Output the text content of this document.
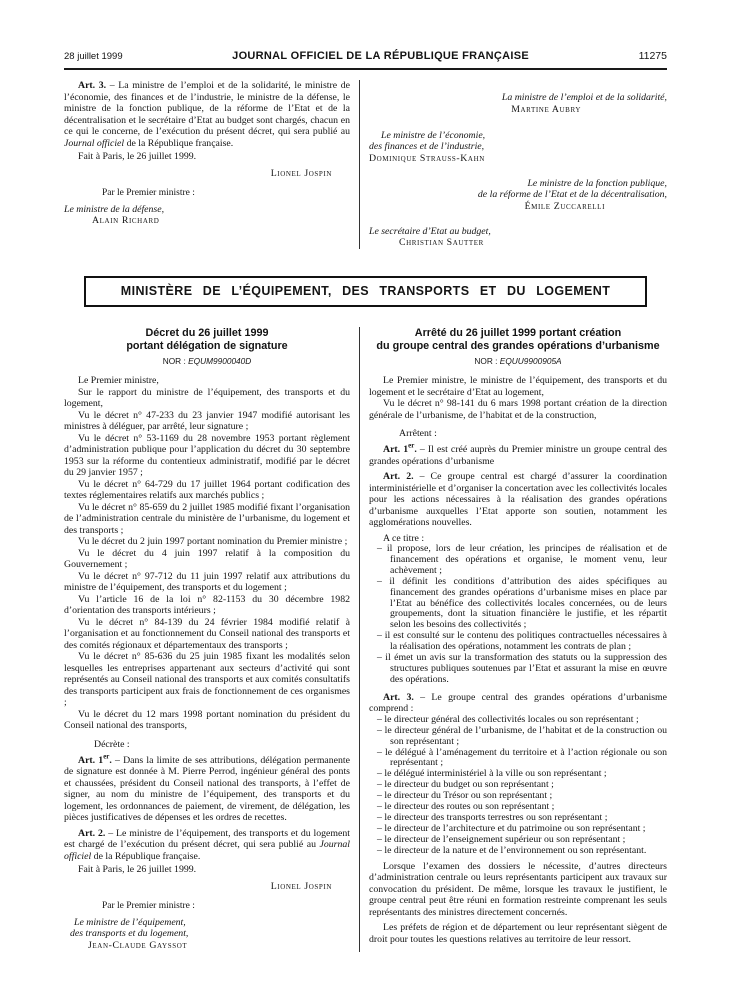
28 juillet 1999	JOURNAL OFFICIEL DE LA RÉPUBLIQUE FRANÇAISE	11275

Art. 3. – La ministre de l’emploi et de la solidarité, le ministre de l’économie, des finances et de l’industrie, le ministre de la défense, le ministre de la fonction publique, de la réforme de l’Etat et de la décentralisation et le secrétaire d’Etat au budget sont chargés, chacun en ce qui le concerne, de l’exécution du présent décret, qui sera publié au Journal officiel de la République française.

Fait à Paris, le 26 juillet 1999.

Lionel Jospin
Par le Premier ministre :
Le ministre de la défense,
Alain Richard
La ministre de l’emploi et de la solidarité,
Martine Aubry
Le ministre de l’économie,
des finances et de l’industrie,
Dominique Strauss-Kahn
Le ministre de la fonction publique,
de la réforme de l’Etat et de la décentralisation,
Émile Zuccarelli
Le secrétaire d’Etat au budget,
Christian Sautter
MINISTÈRE DE L’ÉQUIPEMENT, DES TRANSPORTS ET DU LOGEMENT
Décret du 26 juillet 1999
portant délégation de signature
NOR : EQUM9900040D

Le Premier ministre,

Sur le rapport du ministre de l’équipement, des transports et du logement,

Vu le décret n° 47-233 du 23 janvier 1947 modifié autorisant les ministres à déléguer, par arrêté, leur signature ;

Vu le décret n° 53-1169 du 28 novembre 1953 portant règlement d’administration publique pour l’application du décret du 30 septembre 1953 sur la réforme du contentieux administratif, modifié par le décret du 29 janvier 1957 ;

Vu le décret n° 64-729 du 17 juillet 1964 portant codification des textes réglementaires relatifs aux marchés publics ;

Vu le décret n° 85-659 du 2 juillet 1985 modifié fixant l’organisation de l’administration centrale du ministère de l’urbanisme, du logement et des transports ;

Vu le décret du 2 juin 1997 portant nomination du Premier ministre ;

Vu le décret du 4 juin 1997 relatif à la composition du Gouvernement ;

Vu le décret n° 97-712 du 11 juin 1997 relatif aux attributions du ministre de l’équipement, des transports et du logement ;

Vu l’article 16 de la loi n° 82-1153 du 30 décembre 1982 d’orientation des transports intérieurs ;

Vu le décret n° 84-139 du 24 février 1984 modifié relatif à l’organisation et au fonctionnement du Conseil national des transports et des comités régionaux et départementaux des transports ;

Vu le décret n° 85-636 du 25 juin 1985 fixant les modalités selon lesquelles les entreprises appartenant aux secteurs d’activité qui sont représentés au Conseil national des transports et aux comités consultatifs des transports participent aux frais de fonctionnement de ces organismes ;

Vu le décret du 12 mars 1998 portant nomination du président du Conseil national des transports,

Décrète :

Art. 1er. – Dans la limite de ses attributions, délégation permanente de signature est donnée à M. Pierre Perrod, ingénieur général des ponts et chaussées, président du Conseil national des transports, à l’effet de signer, au nom du ministre de l’équipement, des transports et du logement, les ordonnances de paiement, de virement, de délégation, les pièces justificatives de dépenses et les ordres de recettes.

Art. 2. – Le ministre de l’équipement, des transports et du logement est chargé de l’exécution du présent décret, qui sera publié au Journal officiel de la République française.

Fait à Paris, le 26 juillet 1999.

Lionel Jospin
Par le Premier ministre :
Le ministre de l’équipement,
des transports et du logement,
Jean-Claude Gayssot
Arrêté du 26 juillet 1999 portant création
du groupe central des grandes opérations d’urbanisme
NOR : EQUU9900905A

Le Premier ministre, le ministre de l’équipement, des transports et du logement et le secrétaire d’Etat au logement,

Vu le décret n° 98-141 du 6 mars 1998 portant création de la direction générale de l’urbanisme, de l’habitat et de la construction,

Arrêtent :

Art. 1er. – Il est créé auprès du Premier ministre un groupe central des grandes opérations d’urbanisme

Art. 2. – Ce groupe central est chargé d’assurer la coordination interministérielle et d’organiser la concertation avec les collectivités locales pour les actions nécessaires à la réalisation des grandes opérations d’urbanisme auxquelles l’Etat apporte son soutien, notamment les agglomérations nouvelles.

A ce titre :

– il propose, lors de leur création, les principes de réalisation et de financement des opérations et organise, le moment venu, leur achèvement ;

– il définit les conditions d’attribution des aides spécifiques au financement des grandes opérations d’urbanisme mises en place par l’Etat au bénéfice des collectivités locales concernées, ou de leurs groupements, dont la situation financière le justifie, et les répartit selon les besoins des collectivités ;

– il est consulté sur le contenu des politiques contractuelles nécessaires à la réalisation des opérations, notamment les contrats de plan ;

– il émet un avis sur la transformation des statuts ou la suppression des structures publiques soutenues par l’Etat et assurant la mise en œuvre des opérations.

Art. 3. – Le groupe central des grandes opérations d’urbanisme comprend :

– le directeur général des collectivités locales ou son représentant ;

– le directeur général de l’urbanisme, de l’habitat et de la construction ou son représentant ;

– le délégué à l’aménagement du territoire et à l’action régionale ou son représentant ;

– le délégué interministériel à la ville ou son représentant ;

– le directeur du budget ou son représentant ;

– le directeur du Trésor ou son représentant ;

– le directeur des routes ou son représentant ;

– le directeur des transports terrestres ou son représentant ;

– le directeur de l’architecture et du patrimoine ou son représentant ;

– le directeur de l’enseignement supérieur ou son représentant ;

– le directeur de la nature et de l’environnement ou son représentant.

Lorsque l’examen des dossiers le nécessite, d’autres directeurs d’administration centrale ou leurs représentants participent aux travaux sur convocation du président. De même, lorsque les travaux le justifient, le groupe central peut être réuni en formation restreinte comprenant les seuls représentants des ministres directement concernés.

Les préfets de région et de département ou leur représentant siègent de droit pour toutes les questions relatives au territoire de leur ressort.
